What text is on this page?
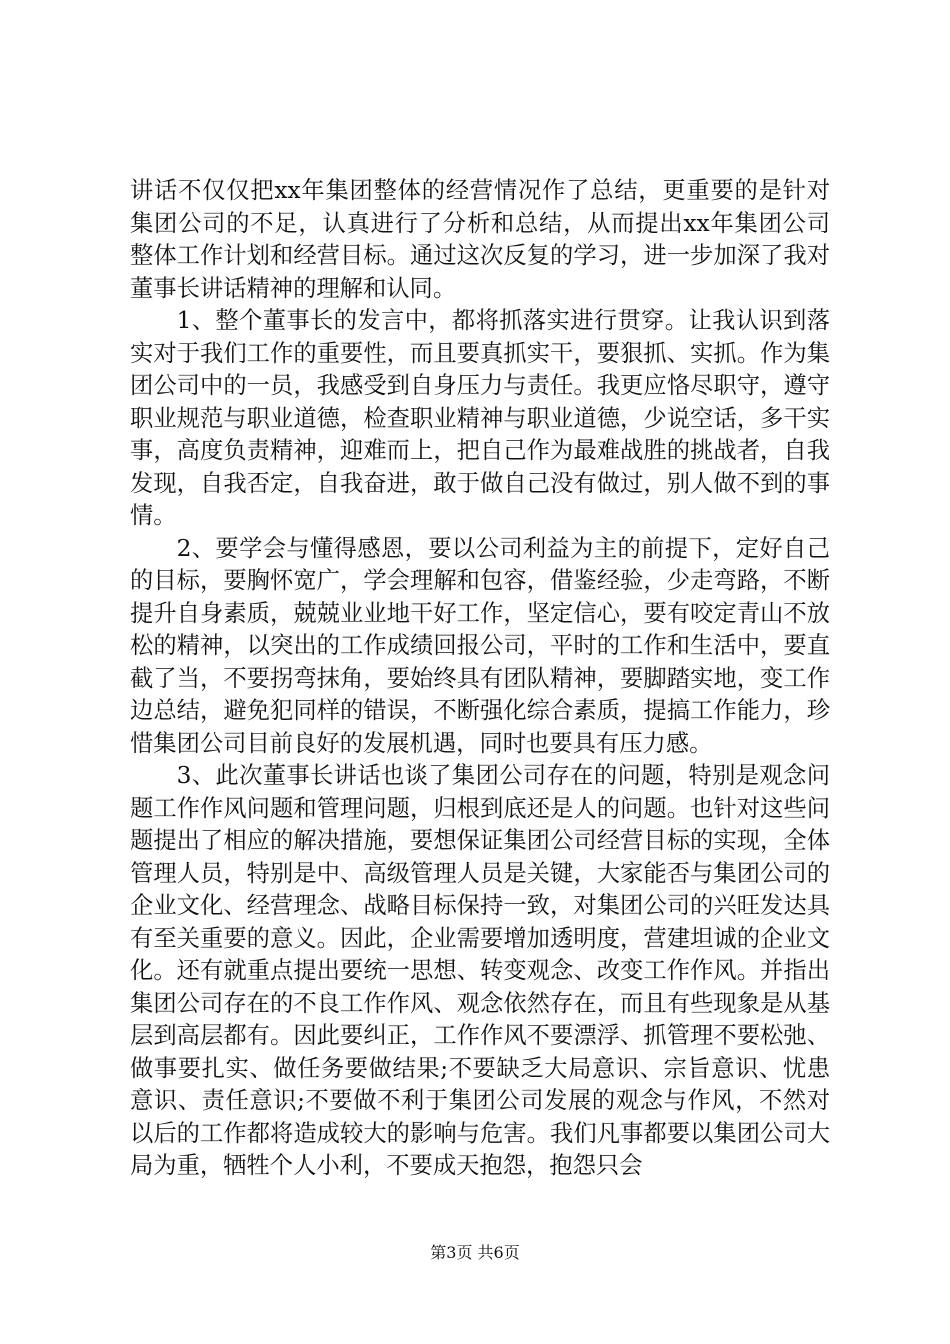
讲话不仅仅把xx年集团整体的经营情况作了总结，更重要的是针对集团公司的不足，认真进行了分析和总结，从而提出xx年集团公司整体工作计划和经营目标。通过这次反复的学习，进一步加深了我对董事长讲话精神的理解和认同。

1、整个董事长的发言中，都将抓落实进行贯穿。让我认识到落实对于我们工作的重要性，而且要真抓实干，要狠抓、实抓。作为集团公司中的一员，我感受到自身压力与责任。我更应恪尽职守，遵守职业规范与职业道德，检查职业精神与职业道德，少说空话，多干实事，高度负责精神，迎难而上，把自己作为最难战胜的挑战者，自我发现，自我否定，自我奋进，敢于做自己没有做过，别人做不到的事情。

2、要学会与懂得感恩，要以公司利益为主的前提下，定好自己的目标，要胸怀宽广，学会理解和包容，借鉴经验，少走弯路，不断提升自身素质，兢兢业业地干好工作，坚定信心，要有咬定青山不放松的精神，以突出的工作成绩回报公司，平时的工作和生活中，要直截了当，不要拐弯抹角，要始终具有团队精神，要脚踏实地，变工作边总结，避免犯同样的错误，不断强化综合素质，提搞工作能力，珍惜集团公司目前良好的发展机遇，同时也要具有压力感。

3、此次董事长讲话也谈了集团公司存在的问题，特别是观念问题工作作风问题和管理问题，归根到底还是人的问题。也针对这些问题提出了相应的解决措施，要想保证集团公司经营目标的实现，全体管理人员，特别是中、高级管理人员是关键，大家能否与集团公司的企业文化、经营理念、战略目标保持一致，对集团公司的兴旺发达具有至关重要的意义。因此，企业需要增加透明度，营建坦诚的企业文化。还有就重点提出要统一思想、转变观念、改变工作作风。并指出集团公司存在的不良工作作风、观念依然存在，而且有些现象是从基层到高层都有。因此要纠正，工作作风不要漂浮、抓管理不要松弛、做事要扎实、做任务要做结果;不要缺乏大局意识、宗旨意识、忧患意识、责任意识;不要做不利于集团公司发展的观念与作风，不然对以后的工作都将造成较大的影响与危害。我们凡事都要以集团公司大局为重，牺牲个人小利，不要成天抱怨，抱怨只会

第3页 共6页
